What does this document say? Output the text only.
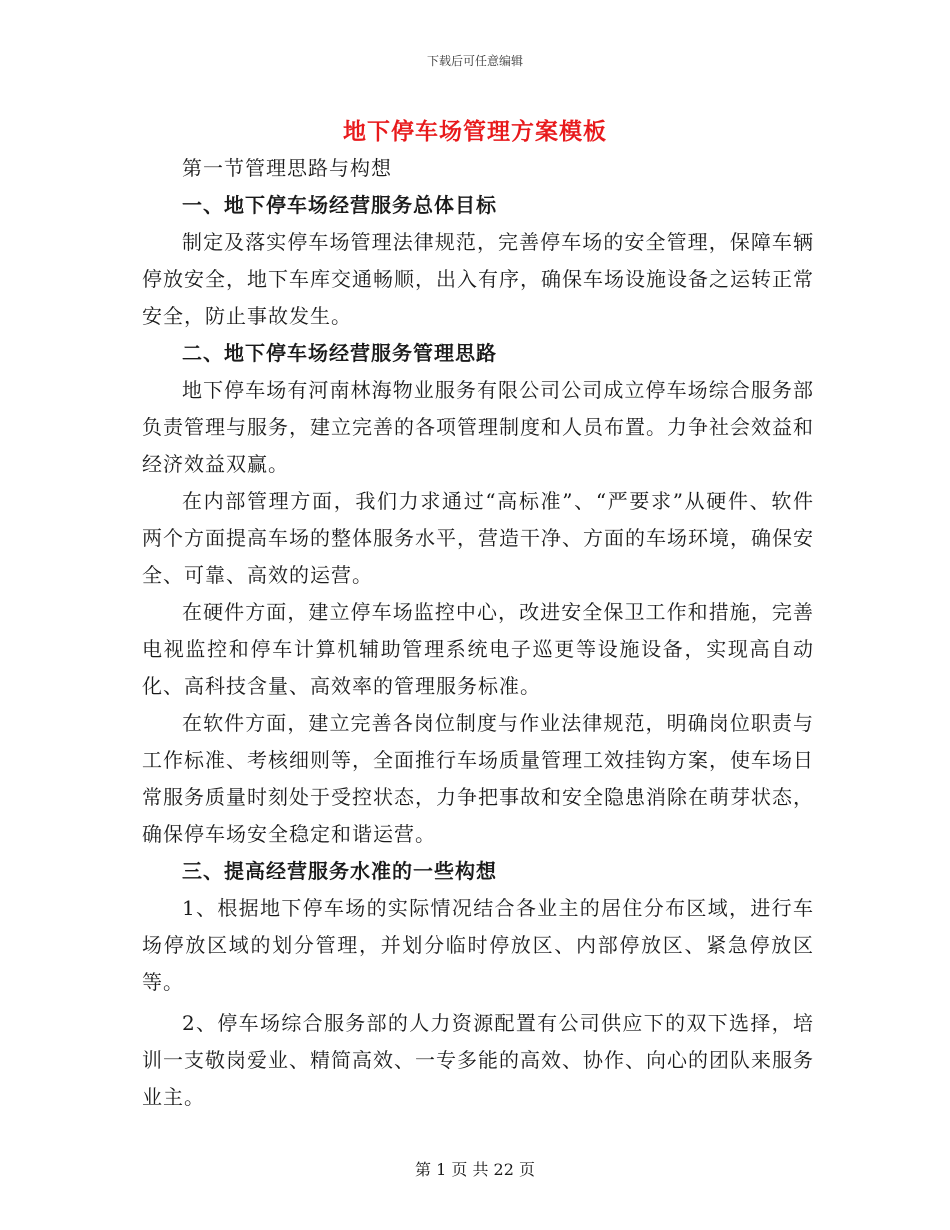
下载后可任意编辑
地下停车场管理方案模板

第一节管理思路与构想

一、地下停车场经营服务总体目标

制定及落实停车场管理法律规范，完善停车场的安全管理，保障车辆停放安全，地下车库交通畅顺，出入有序，确保车场设施设备之运转正常安全，防止事故发生。

二、地下停车场经营服务管理思路

地下停车场有河南林海物业服务有限公司公司成立停车场综合服务部负责管理与服务，建立完善的各项管理制度和人员布置。力争社会效益和经济效益双赢。

在内部管理方面，我们力求通过“高标准”、“严要求”从硬件、软件两个方面提高车场的整体服务水平，营造干净、方面的车场环境，确保安全、可靠、高效的运营。

在硬件方面，建立停车场监控中心，改进安全保卫工作和措施，完善电视监控和停车计算机辅助管理系统电子巡更等设施设备，实现高自动化、高科技含量、高效率的管理服务标准。

在软件方面，建立完善各岗位制度与作业法律规范，明确岗位职责与工作标准、考核细则等，全面推行车场质量管理工效挂钩方案，使车场日常服务质量时刻处于受控状态，力争把事故和安全隐患消除在萌芽状态，确保停车场安全稳定和谐运营。

三、提高经营服务水准的一些构想

1、根据地下停车场的实际情况结合各业主的居住分布区域，进行车场停放区域的划分管理，并划分临时停放区、内部停放区、紧急停放区等。

2、停车场综合服务部的人力资源配置有公司供应下的双下选择，培训一支敬岗爱业、精简高效、一专多能的高效、协作、向心的团队来服务业主。

第 1 页 共 22 页
